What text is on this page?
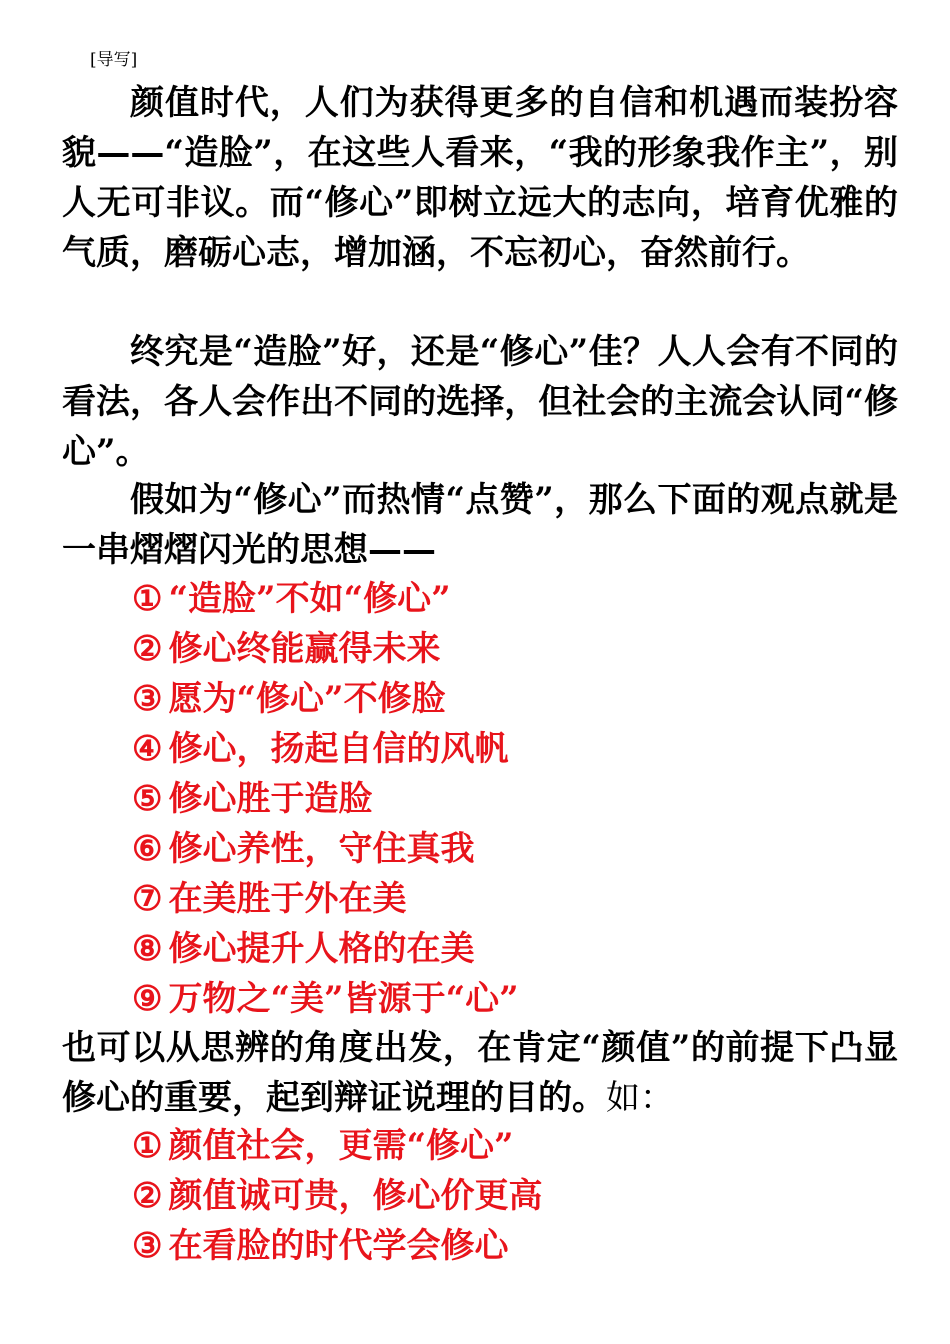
[导写]

颜值时代，人们为获得更多的自信和机遇而装扮容貌——“造脸”，在这些人看来，“我的形象我作主”，别人无可非议。而“修心”即树立远大的志向，培育优雅的气质，磨砺心志，增加涵，不忘初心，奋然前行。

终究是“造脸”好，还是“修心”佳？人人会有不同的看法，各人会作出不同的选择，但社会的主流会认同“修心”。

假如为“修心”而热情“点赞”，那么下面的观点就是一串熠熠闪光的思想——

① “造脸”不如“修心”
② 修心终能赢得未来
③ 愿为“修心”不修脸
④ 修心，扬起自信的风帆
⑤ 修心胜于造脸
⑥ 修心养性，守住真我
⑦ 在美胜于外在美
⑧ 修心提升人格的在美
⑨ 万物之“美”皆源于“心”

也可以从思辨的角度出发，在肯定“颜值”的前提下凸显修心的重要，起到辩证说理的目的。如：

① 颜值社会，更需“修心”
② 颜值诚可贵，修心价更高
③ 在看脸的时代学会修心
